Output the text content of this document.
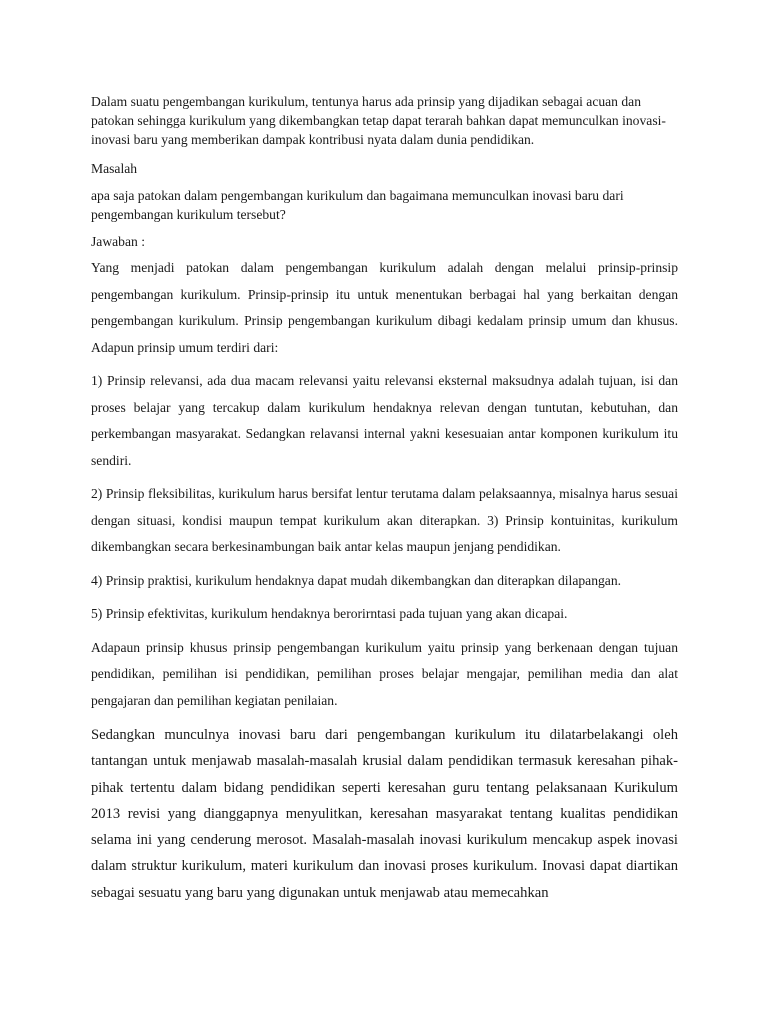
Dalam suatu pengembangan kurikulum, tentunya harus ada prinsip yang dijadikan sebagai acuan dan patokan sehingga kurikulum yang dikembangkan tetap dapat terarah bahkan dapat memunculkan inovasi-inovasi baru yang memberikan dampak kontribusi nyata dalam dunia pendidikan.

Masalah

apa saja patokan dalam pengembangan kurikulum dan bagaimana memunculkan inovasi baru dari pengembangan kurikulum tersebut?

Jawaban :

Yang menjadi patokan dalam pengembangan kurikulum adalah dengan melalui prinsip-prinsip pengembangan kurikulum. Prinsip-prinsip itu untuk menentukan berbagai hal yang berkaitan dengan pengembangan kurikulum. Prinsip pengembangan kurikulum dibagi kedalam prinsip umum dan khusus. Adapun prinsip umum terdiri dari:

1) Prinsip relevansi, ada dua macam relevansi yaitu relevansi eksternal maksudnya adalah tujuan, isi dan proses belajar yang tercakup dalam kurikulum hendaknya relevan dengan tuntutan, kebutuhan, dan perkembangan masyarakat. Sedangkan relavansi internal yakni kesesuaian antar komponen kurikulum itu sendiri.

2) Prinsip fleksibilitas, kurikulum harus bersifat lentur terutama dalam pelaksaannya, misalnya harus sesuai dengan situasi, kondisi maupun tempat kurikulum akan diterapkan. 3) Prinsip kontuinitas, kurikulum dikembangkan secara berkesinambungan baik antar kelas maupun jenjang pendidikan.

4) Prinsip praktisi, kurikulum hendaknya dapat mudah dikembangkan dan diterapkan dilapangan.

5) Prinsip efektivitas, kurikulum hendaknya berorirntasi pada tujuan yang akan dicapai.

Adapaun prinsip khusus prinsip pengembangan kurikulum yaitu prinsip yang berkenaan dengan tujuan pendidikan, pemilihan isi pendidikan, pemilihan proses belajar mengajar, pemilihan media dan alat pengajaran dan pemilihan kegiatan penilaian.

Sedangkan munculnya inovasi baru dari pengembangan kurikulum itu dilatarbelakangi oleh tantangan untuk menjawab masalah-masalah krusial dalam pendidikan termasuk keresahan pihak-pihak tertentu dalam bidang pendidikan seperti keresahan guru tentang pelaksanaan Kurikulum 2013 revisi yang dianggapnya menyulitkan, keresahan masyarakat tentang kualitas pendidikan selama ini yang cenderung merosot. Masalah-masalah inovasi kurikulum mencakup aspek inovasi dalam struktur kurikulum, materi kurikulum dan inovasi proses kurikulum. Inovasi dapat diartikan sebagai sesuatu yang baru yang digunakan untuk menjawab atau memecahkan
